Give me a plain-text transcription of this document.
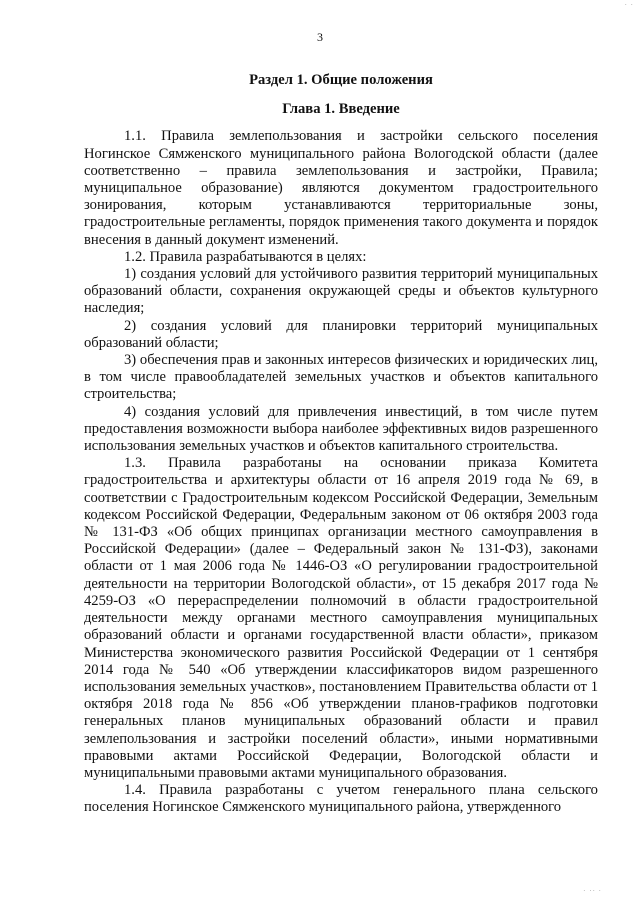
· ·
3

Раздел 1. Общие положения

Глава 1. Введение

1.1. Правила землепользования и застройки сельского поселения Ногинское Сямженского муниципального района Вологодской области (далее соответственно – правила землепользования и застройки, Правила; муниципальное образование) являются документом градостроительного зонирования, которым устанавливаются территориальные зоны, градостроительные регламенты, порядок применения такого документа и порядок внесения в данный документ изменений.

1.2. Правила разрабатываются в целях:

1) создания условий для устойчивого развития территорий муниципальных образований области, сохранения окружающей среды и объектов культурного наследия;

2) создания условий для планировки территорий муниципальных образований области;

3) обеспечения прав и законных интересов физических и юридических лиц, в том числе правообладателей земельных участков и объектов капитального строительства;

4) создания условий для привлечения инвестиций, в том числе путем предоставления возможности выбора наиболее эффективных видов разрешенного использования земельных участков и объектов капитального строительства.

1.3. Правила разработаны на основании приказа Комитета градостроительства и архитектуры области от 16 апреля 2019 года № 69, в соответствии с Градостроительным кодексом Российской Федерации, Земельным кодексом Российской Федерации, Федеральным законом от 06 октября 2003 года № 131-ФЗ «Об общих принципах организации местного самоуправления в Российской Федерации» (далее – Федеральный закон № 131-ФЗ), законами области от 1 мая 2006 года № 1446-ОЗ «О регулировании градостроительной деятельности на территории Вологодской области», от 15 декабря 2017 года № 4259-ОЗ «О перераспределении полномочий в области градостроительной деятельности между органами местного самоуправления муниципальных образований области и органами государственной власти области», приказом Министерства экономического развития Российской Федерации от 1 сентября 2014 года № 540 «Об утверждении классификаторов видом разрешенного использования земельных участков», постановлением Правительства области от 1 октября 2018 года № 856 «Об утверждении планов-графиков подготовки генеральных планов муниципальных образований области и правил землепользования и застройки поселений области», иными нормативными правовыми актами Российской Федерации, Вологодской области и муниципальными правовыми актами муниципального образования.

1.4. Правила разработаны с учетом генерального плана сельского поселения Ногинское Сямженского муниципального района, утвержденного

· ·· ·
